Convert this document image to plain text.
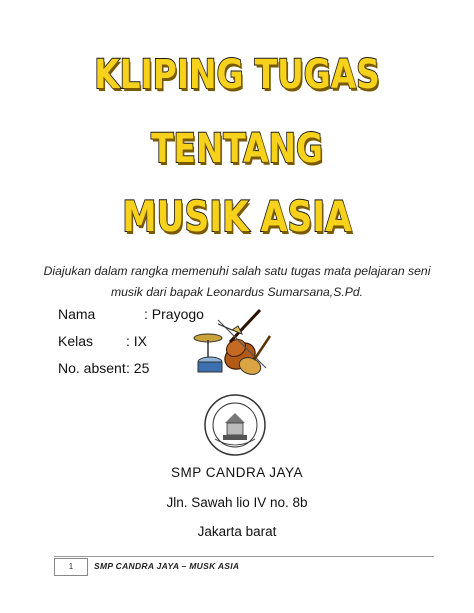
KLIPING TUGAS
TENTANG
MUSIK ASIA
Diajukan dalam rangka memenuhi salah satu tugas mata pelajaran seni
musik dari bapak Leonardus Sumarsana,S.Pd.
Nama	: Prayogo
Kelas : IX
No. absent : 25
SMP CANDRA JAYA
Jln. Sawah lio IV no. 8b
Jakarta barat
1	SMP CANDRA JAYA – MUSK ASIA
